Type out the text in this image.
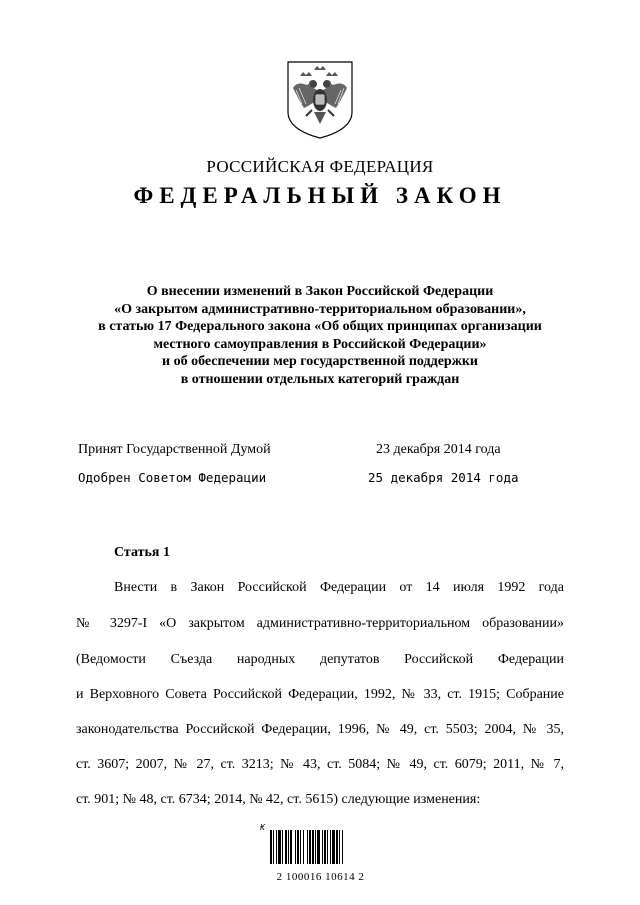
РОССИЙСКАЯ ФЕДЕРАЦИЯ
ФЕДЕРАЛЬНЫЙ ЗАКОН
О внесении изменений в Закон Российской Федерации
«О закрытом административно-территориальном образовании»,
в статью 17 Федерального закона «Об общих принципах организации
местного самоуправления в Российской Федерации»
и об обеспечении мер государственной поддержки
в отношении отдельных категорий граждан
Принят Государственной Думой	23 декабря 2014 года
Одобрен Советом Федерации	25 декабря 2014 года
Статья 1
Внести в Закон Российской Федерации от 14 июля 1992 года
№ 3297-I «О закрытом административно-территориальном образовании»
(Ведомости Съезда народных депутатов Российской Федерации
и Верховного Совета Российской Федерации, 1992, № 33, ст. 1915; Собрание
законодательства Российской Федерации, 1996, № 49, ст. 5503; 2004, № 35,
ст. 3607; 2007, № 27, ст. 3213; № 43, ст. 5084; № 49, ст. 6079; 2011, № 7,
ст. 901; № 48, ст. 6734; 2014, № 42, ст. 5615) следующие изменения:
₭
2 100016 10614 2
